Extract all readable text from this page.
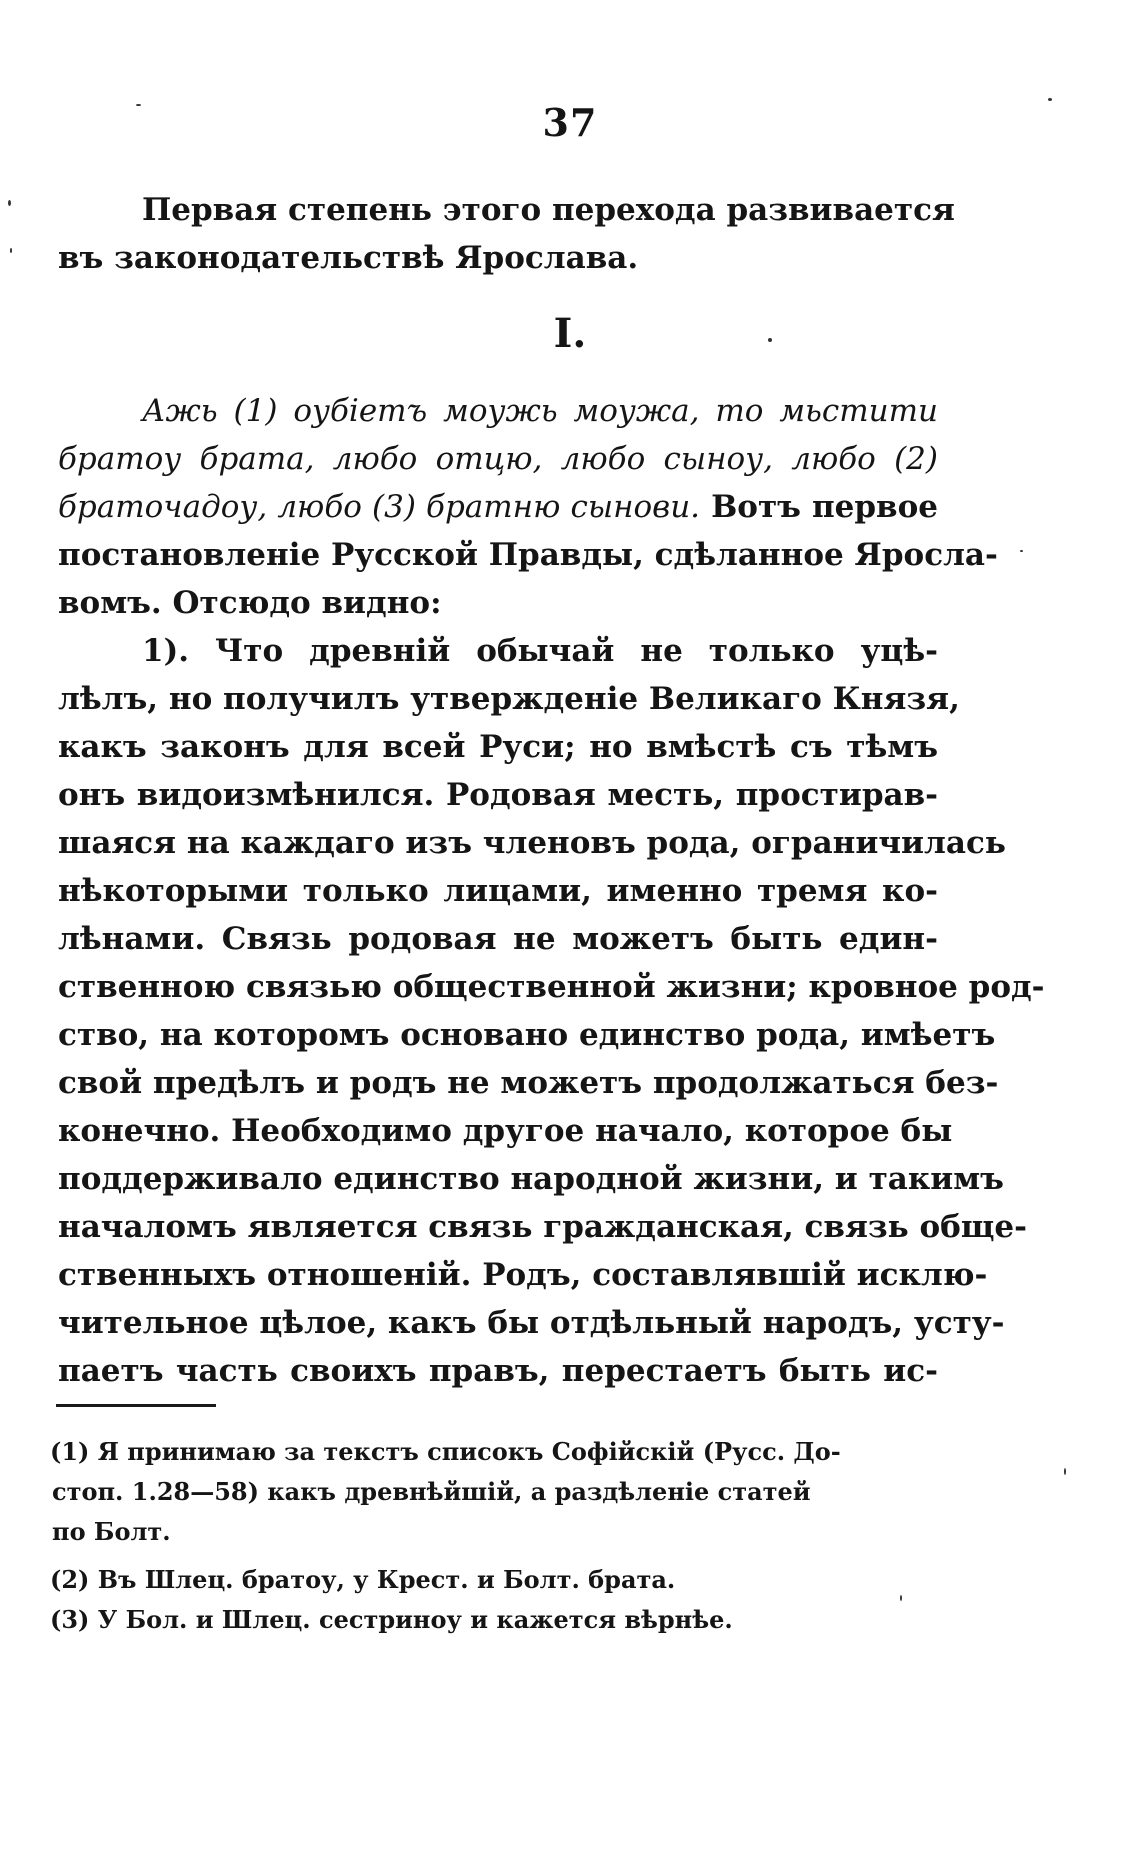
37
Первая степень этого перехода развивается
въ законодательствѣ Ярослава.
I.
Ажь (1) оубіетъ моужь моужа, то мьстити
братоу брата, любо отцю, любо сыноу, любо (2)
браточадоу, любо (3) братню сынови. Вотъ первое
постановленіе Русской Правды, сдѣланное Яросла-
вомъ. Отсюдо видно:
1). Что древній обычай не только уцѣ-
лѣлъ, но получилъ утвержденіе Великаго Князя,
какъ законъ для всей Руси; но вмѣстѣ съ тѣмъ
онъ видоизмѣнился. Родовая месть, простирав-
шаяся на каждаго изъ членовъ рода, ограничилась
нѣкоторыми только лицами, именно тремя ко-
лѣнами. Связь родовая не можетъ быть един-
ственною связью общественной жизни; кровное род-
ство, на которомъ основано единство рода, имѣетъ
свой предѣлъ и родъ не можетъ продолжаться без-
конечно. Необходимо другое начало, которое бы
поддерживало единство народной жизни, и такимъ
началомъ является связь гражданская, связь обще-
ственныхъ отношеній. Родъ, составлявшій исклю-
чительное цѣлое, какъ бы отдѣльный народъ, усту-
паетъ часть своихъ правъ, перестаетъ быть ис-
(1) Я принимаю за текстъ списокъ Софійскій (Русс. До-
стоп. 1.28—58) какъ древнѣйшій, а раздѣленіе статей
по Болт.
(2) Въ Шлец. братоу, у Крест. и Болт. брата.
(3) У Бол. и Шлец. сестриноу и кажется вѣрнѣе.
